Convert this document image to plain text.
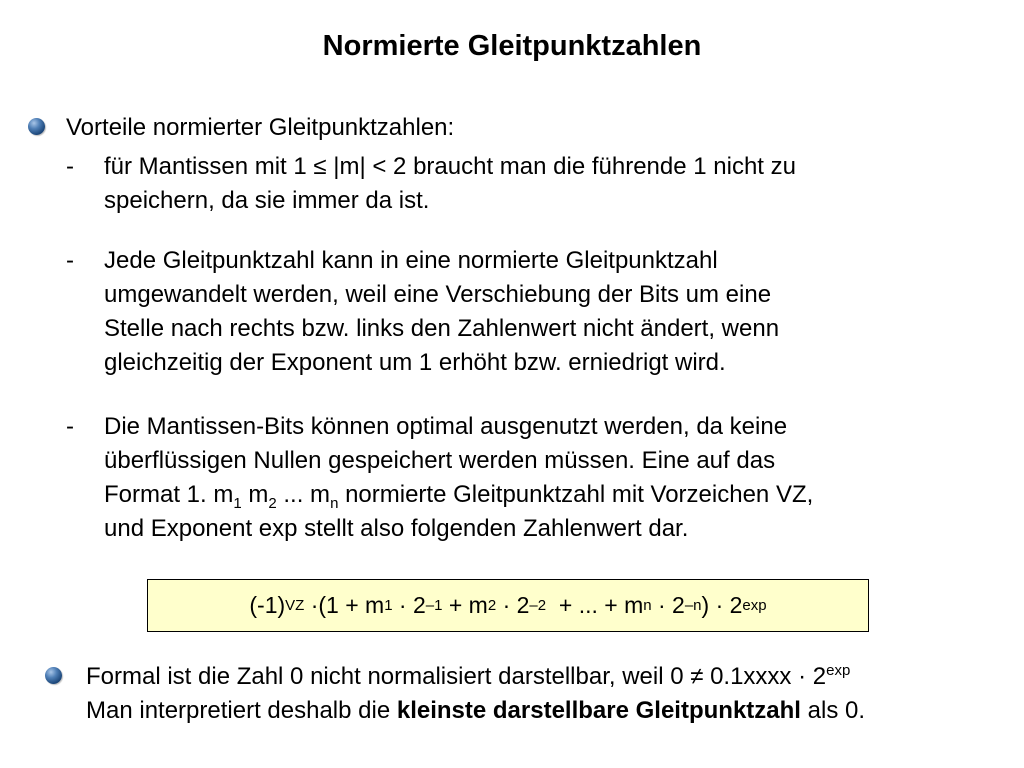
Normierte Gleitpunktzahlen
Vorteile normierter Gleitpunktzahlen:
- für Mantissen mit 1 ≤ |m| < 2 braucht man die führende 1 nicht zu
speichern, da sie immer da ist.
- Jede Gleitpunktzahl kann in eine normierte Gleitpunktzahl
umgewandelt werden, weil eine Verschiebung der Bits um eine
Stelle nach rechts bzw. links den Zahlenwert nicht ändert, wenn
gleichzeitig der Exponent um 1 erhöht bzw. erniedrigt wird.
- Die Mantissen-Bits können optimal ausgenutzt werden, da keine
überflüssigen Nullen gespeichert werden müssen. Eine auf das
Format 1. $m_1$ $m_2$ ... $m_n$ normierte Gleitpunktzahl mit Vorzeichen VZ,
und Exponent exp stellt also folgenden Zahlenwert dar.
(-1) VZ ·(1 + m 1 · 2 –1 + m 2 · 2 –2 + ... + m n · 2 –n ) · 2 exp
Formal ist die Zahl 0 nicht normalisiert darstellbar, weil 0 ≠ 0.1xxxx · $2^{exp}$
Man interpretiert deshalb die kleinste darstellbare Gleitpunktzahl als 0.
